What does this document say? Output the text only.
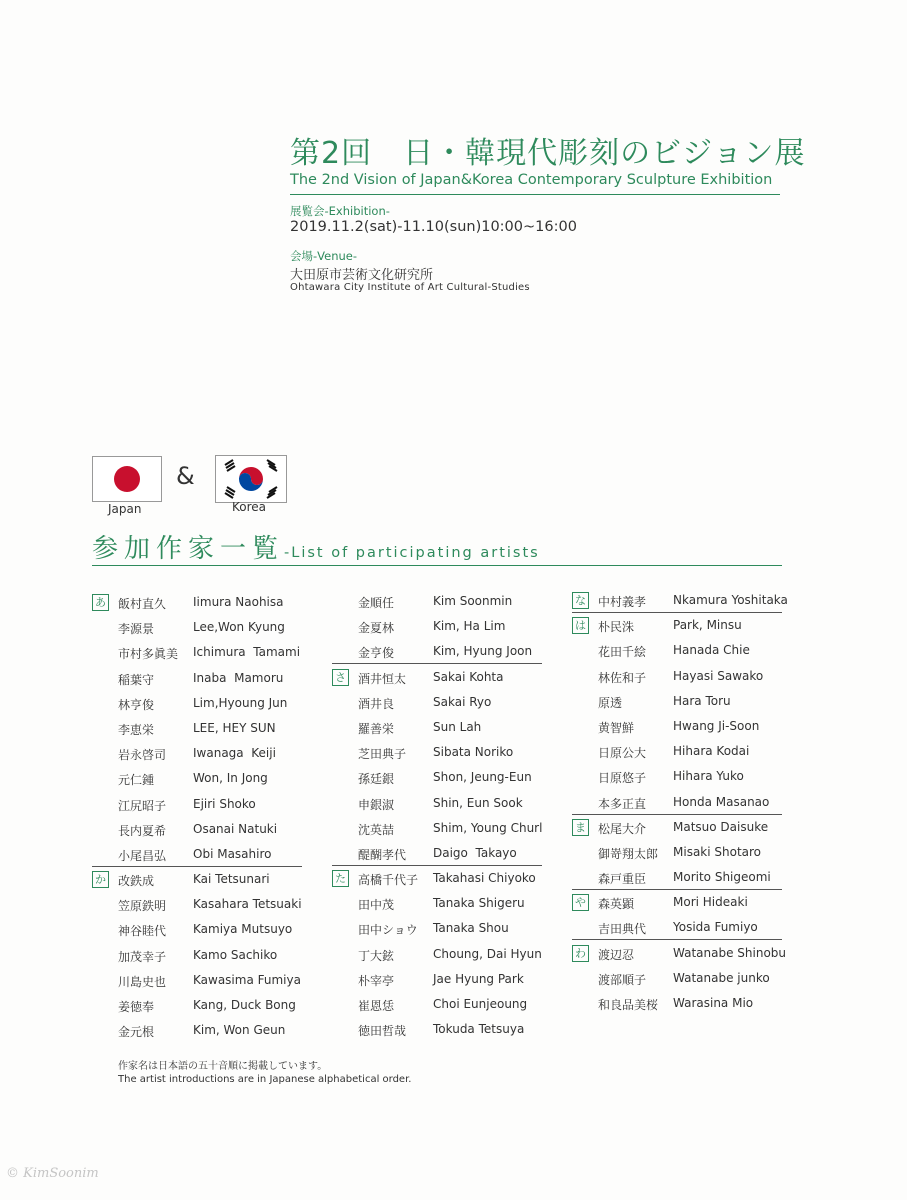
第2回　日・韓現代彫刻のビジョン展
The 2nd Vision of Japan&Korea Contemporary Sculpture Exhibition
展覧会-Exhibition-
2019.11.2(sat)-11.10(sun)10:00~16:00
会場-Venue-
大田原市芸術文化研究所
Ohtawara City Institute of Art Cultural-Studies
Japan
&
Korea
参加作家一覧-List of participating artists
あ 飯村直久 Iimura Naohisa
李源景	Lee,Won Kyung
市村多眞美 Ichimura  Tamami
稲葉守	Inaba  Mamoru
林亨俊	Lim,Hyoung Jun
李恵栄	LEE, HEY SUN
岩永啓司 Iwanaga  Keiji
元仁鍾	Won, In Jong
江尻昭子 Ejiri Shoko
長内夏希 Osanai Natuki
小尾昌弘 Obi Masahiro
か 改鉄成	Kai Tetsunari
笠原鉄明 Kasahara Tetsuaki
神谷睦代 Kamiya Mutsuyo
加茂幸子 Kamo Sachiko
川島史也 Kawasima Fumiya
姜徳奉	Kang, Duck Bong
金元根	Kim, Won Geun
金順任	Kim Soonmin
金夏林	Kim, Ha Lim
金亨俊	Kim, Hyung Joon
さ 酒井恒太 Sakai Kohta
酒井良	Sakai Ryo
羅善栄	Sun Lah
芝田典子 Sibata Noriko
孫廷銀	Shon, Jeung-Eun
申銀淑	Shin, Eun Sook
沈英喆	Shim, Young Churl
醍醐孝代 Daigo  Takayo
た 高橋千代子 Takahasi Chiyoko
田中茂	Tanaka Shigeru
田中ショウ Tanaka Shou
丁大鉉	Choung, Dai Hyun
朴宰亭	Jae Hyung Park
崔恩恁	Choi Eunjeoung
徳田哲哉 Tokuda Tetsuya
な 中村義孝 Nkamura Yoshitaka
は 朴民洙	Park, Minsu
花田千絵 Hanada Chie
林佐和子 Hayasi Sawako
原透	Hara Toru
黄智鮮	Hwang Ji-Soon
日原公大 Hihara Kodai
日原悠子 Hihara Yuko
本多正直 Honda Masanao
ま 松尾大介 Matsuo Daisuke
御嵜翔太郎 Misaki Shotaro
森戸重臣 Morito Shigeomi
や 森英顕	Mori Hideaki
吉田典代 Yosida Fumiyo
わ 渡辺忍	Watanabe Shinobu
渡部順子 Watanabe junko
和良品美桜 Warasina Mio
作家名は日本語の五十音順に掲載しています。
The artist introductions are in Japanese alphabetical order.
© KimSoonim
